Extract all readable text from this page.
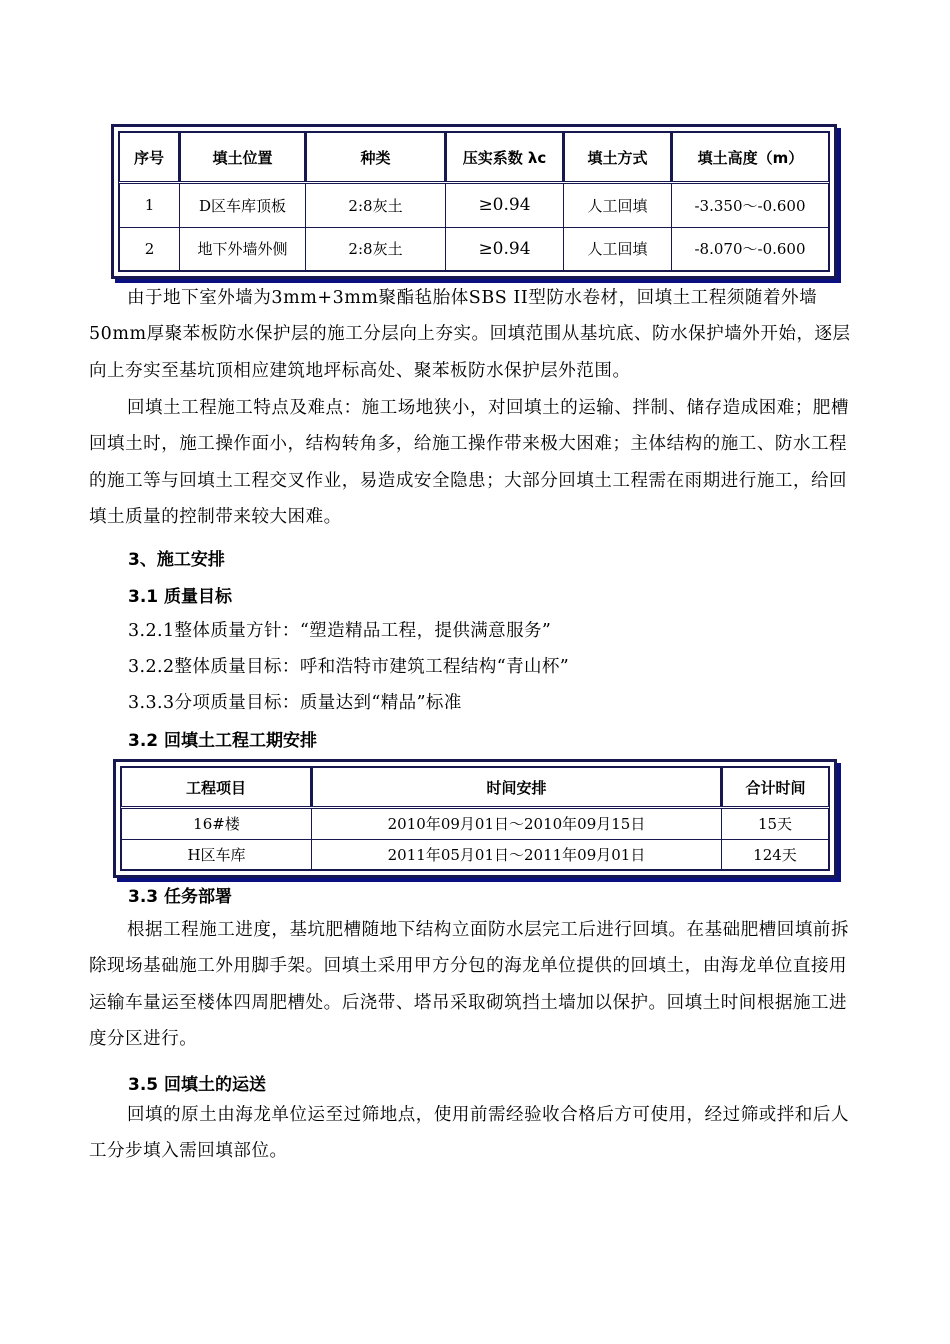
序号	填土位置	种类	压实系数 λc	填土方式	填土高度（m）
1	D区车库顶板	2:8灰土	≥0.94	人工回填	-3.350～-0.600
2	地下外墙外侧	2:8灰土	≥0.94	人工回填	-8.070～-0.600

由于地下室外墙为3mm+3mm聚酯毡胎体SBS II型防水卷材，回填土工程须随着外墙50mm厚聚苯板防水保护层的施工分层向上夯实。回填范围从基坑底、防水保护墙外开始，逐层向上夯实至基坑顶相应建筑地坪标高处、聚苯板防水保护层外范围。

回填土工程施工特点及难点：施工场地狭小，对回填土的运输、拌制、储存造成困难；肥槽回填土时，施工操作面小，结构转角多，给施工操作带来极大困难；主体结构的施工、防水工程的施工等与回填土工程交叉作业，易造成安全隐患；大部分回填土工程需在雨期进行施工，给回填土质量的控制带来较大困难。

3、施工安排

3.1 质量目标

3.2.1整体质量方针：“塑造精品工程，提供满意服务”

3.2.2整体质量目标：呼和浩特市建筑工程结构“青山杯”

3.3.3分项质量目标：质量达到“精品”标准

3.2 回填土工程工期安排

工程项目	时间安排	合计时间
16#楼	2010年09月01日～2010年09月15日	15天
H区车库	2011年05月01日～2011年09月01日	124天

3.3 任务部署

根据工程施工进度，基坑肥槽随地下结构立面防水层完工后进行回填。在基础肥槽回填前拆除现场基础施工外用脚手架。回填土采用甲方分包的海龙单位提供的回填土，由海龙单位直接用运输车量运至楼体四周肥槽处。后浇带、塔吊采取砌筑挡土墙加以保护。回填土时间根据施工进度分区进行。

3.5 回填土的运送

回填的原土由海龙单位运至过筛地点，使用前需经验收合格后方可使用，经过筛或拌和后人工分步填入需回填部位。
